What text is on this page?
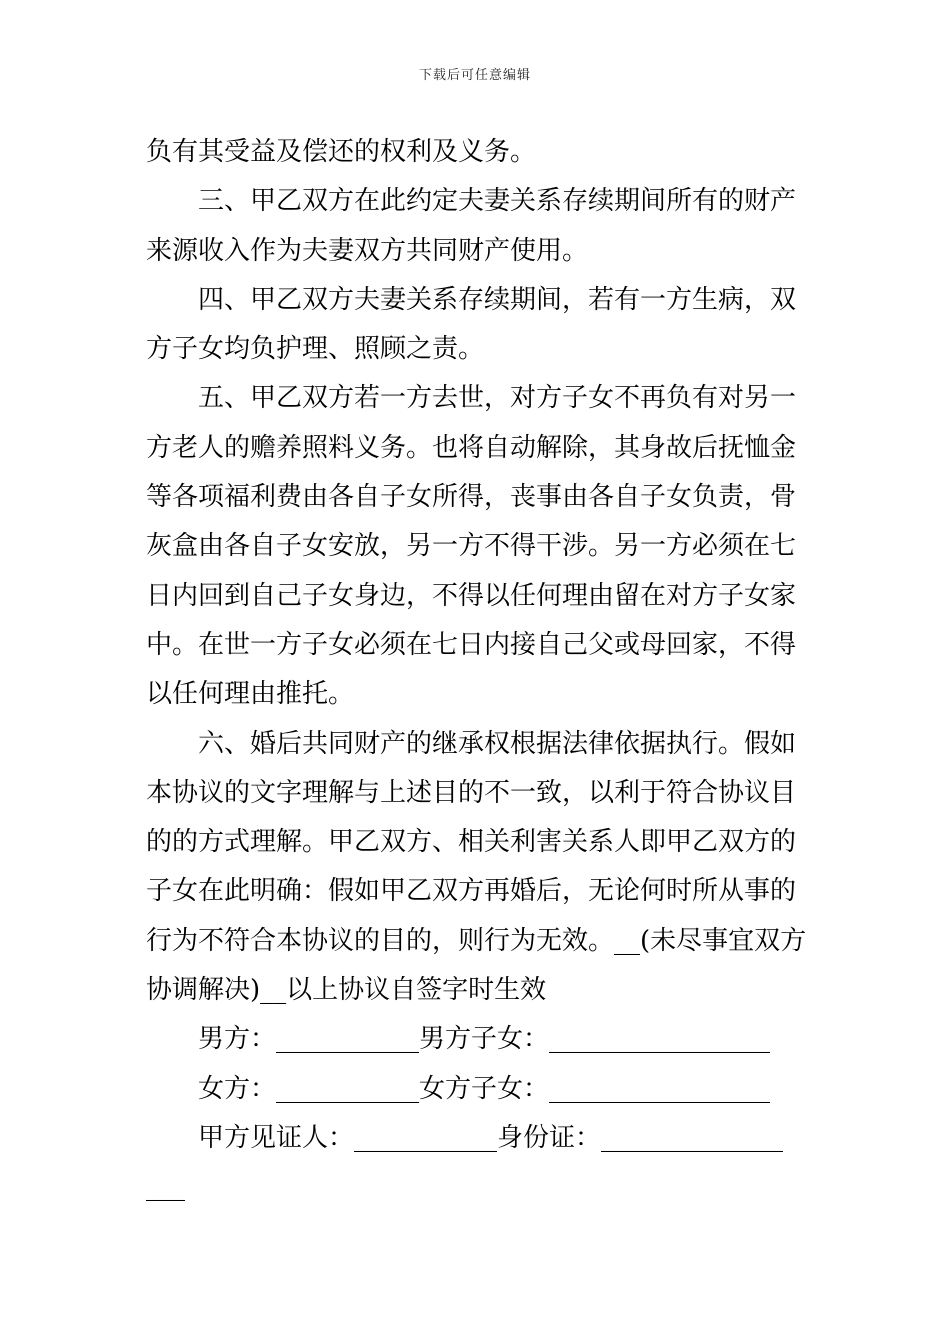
下载后可任意编辑
负有其受益及偿还的权利及义务。
三、甲乙双方在此约定夫妻关系存续期间所有的财产
来源收入作为夫妻双方共同财产使用。
四、甲乙双方夫妻关系存续期间，若有一方生病，双
方子女均负护理、照顾之责。
五、甲乙双方若一方去世，对方子女不再负有对另一
方老人的赡养照料义务。也将自动解除，其身故后抚恤金
等各项福利费由各自子女所得，丧事由各自子女负责，骨
灰盒由各自子女安放，另一方不得干涉。另一方必须在七
日内回到自己子女身边，不得以任何理由留在对方子女家
中。在世一方子女必须在七日内接自己父或母回家，不得
以任何理由推托。
六、婚后共同财产的继承权根据法律依据执行。假如
本协议的文字理解与上述目的不一致，以利于符合协议目
的的方式理解。甲乙双方、相关利害关系人即甲乙双方的
子女在此明确：假如甲乙双方再婚后，无论何时所从事的
行为不符合本协议的目的，则行为无效。__(未尽事宜双方
协调解决)__以上协议自签字时生效
男方：___________男方子女：_________________
女方：___________女方子女：_________________
甲方见证人：___________身份证：______________
___
